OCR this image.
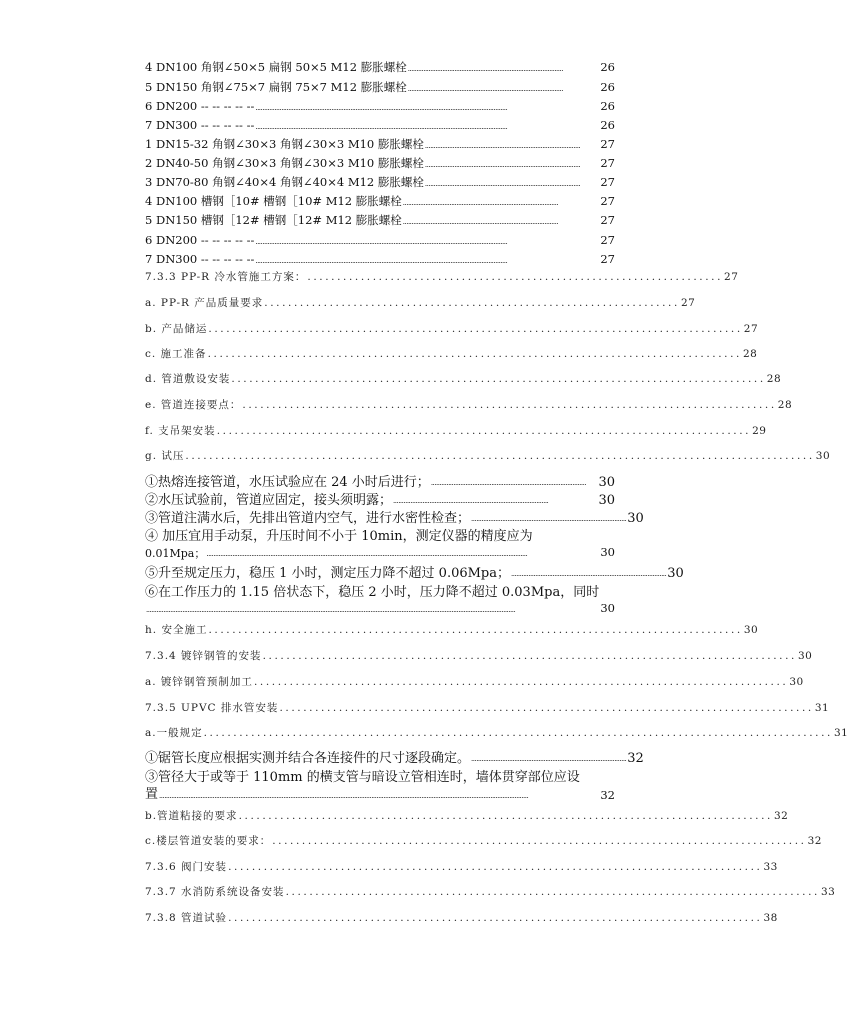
4 DN100 角钢∠50×5 扁钢 50×5 M12 膨胀螺栓 ..........................................................................................	26
5 DN150 角钢∠75×7 扁钢 75×7 M12 膨胀螺栓 ..........................................................................................	26
6 DN200 -- -- -- -- -- ..................................................................................................................................................	26
7 DN300 -- -- -- -- -- ..................................................................................................................................................	26
1 DN15-32 角钢∠30×3 角钢∠30×3 M10 膨胀螺栓 ..........................................................................................	27
2 DN40-50 角钢∠30×3 角钢∠30×3 M10 膨胀螺栓 ..........................................................................................	27
3 DN70-80 角钢∠40×4 角钢∠40×4 M12 膨胀螺栓 ..........................................................................................	27
4 DN100 槽钢［10# 槽钢［10# M12 膨胀螺栓 ..........................................................................................	27
5 DN150 槽钢［12# 槽钢［12# M12 膨胀螺栓 ..........................................................................................	27
6 DN200 -- -- -- -- -- ..................................................................................................................................................	27
7 DN300 -- -- -- -- -- ..................................................................................................................................................	27
7.3.3 PP-R 冷水管施工方案： ...................................................................... 27
a. PP-R 产品质量要求 ...................................................................... 27
b. 产品储运 .......................................................................................... 27
c. 施工准备 .......................................................................................... 28
d. 管道敷设安装 .......................................................................................... 28
e. 管道连接要点： .......................................................................................... 28
f. 支吊架安装 .......................................................................................... 29
g. 试压 .......................................................................................................... 30
①热熔连接管道，水压试验应在 24 小时后进行； .......................................................................................... 30
②水压试验前，管道应固定，接头须明露； ..........................................................................................	30
③管道注满水后，先排出管道内空气，进行水密性检查； .......................................................................................... 30
④ 加压宜用手动泵，升压时间不小于 10min，测定仪器的精度应为
0.01Mpa； ..........................................................................................................................................................................................	30
⑤升至规定压力，稳压 1 小时，测定压力降不超过 0.06Mpa； .......................................................................................... 30
⑥在工作压力的 1.15 倍状态下，稳压 2 小时，压力降不超过 0.03Mpa，同时
......................................................................................................................................................................................................................	30
h. 安全施工 .......................................................................................... 30
7.3.4 镀锌钢管的安装 .......................................................................................... 30
a. 镀锌钢管预制加工 .......................................................................................... 30
7.3.5 UPVC 排水管安装 .......................................................................................... 31
a.一般规定 .......................................................................................................... 31
①锯管长度应根据实测并结合各连接件的尺寸逐段确定。 .......................................................................................... 32
③管径大于或等于 110mm 的横支管与暗设立管相连时，墙体贯穿部位应设
置 ......................................................................................................................................................................................................................	32
b.管道粘接的要求 .......................................................................................... 32
c.楼层管道安装的要求： .......................................................................................... 32
7.3.6 阀门安装 .......................................................................................... 33
7.3.7 水消防系统设备安装 .......................................................................................... 33
7.3.8 管道试验 .......................................................................................... 38
